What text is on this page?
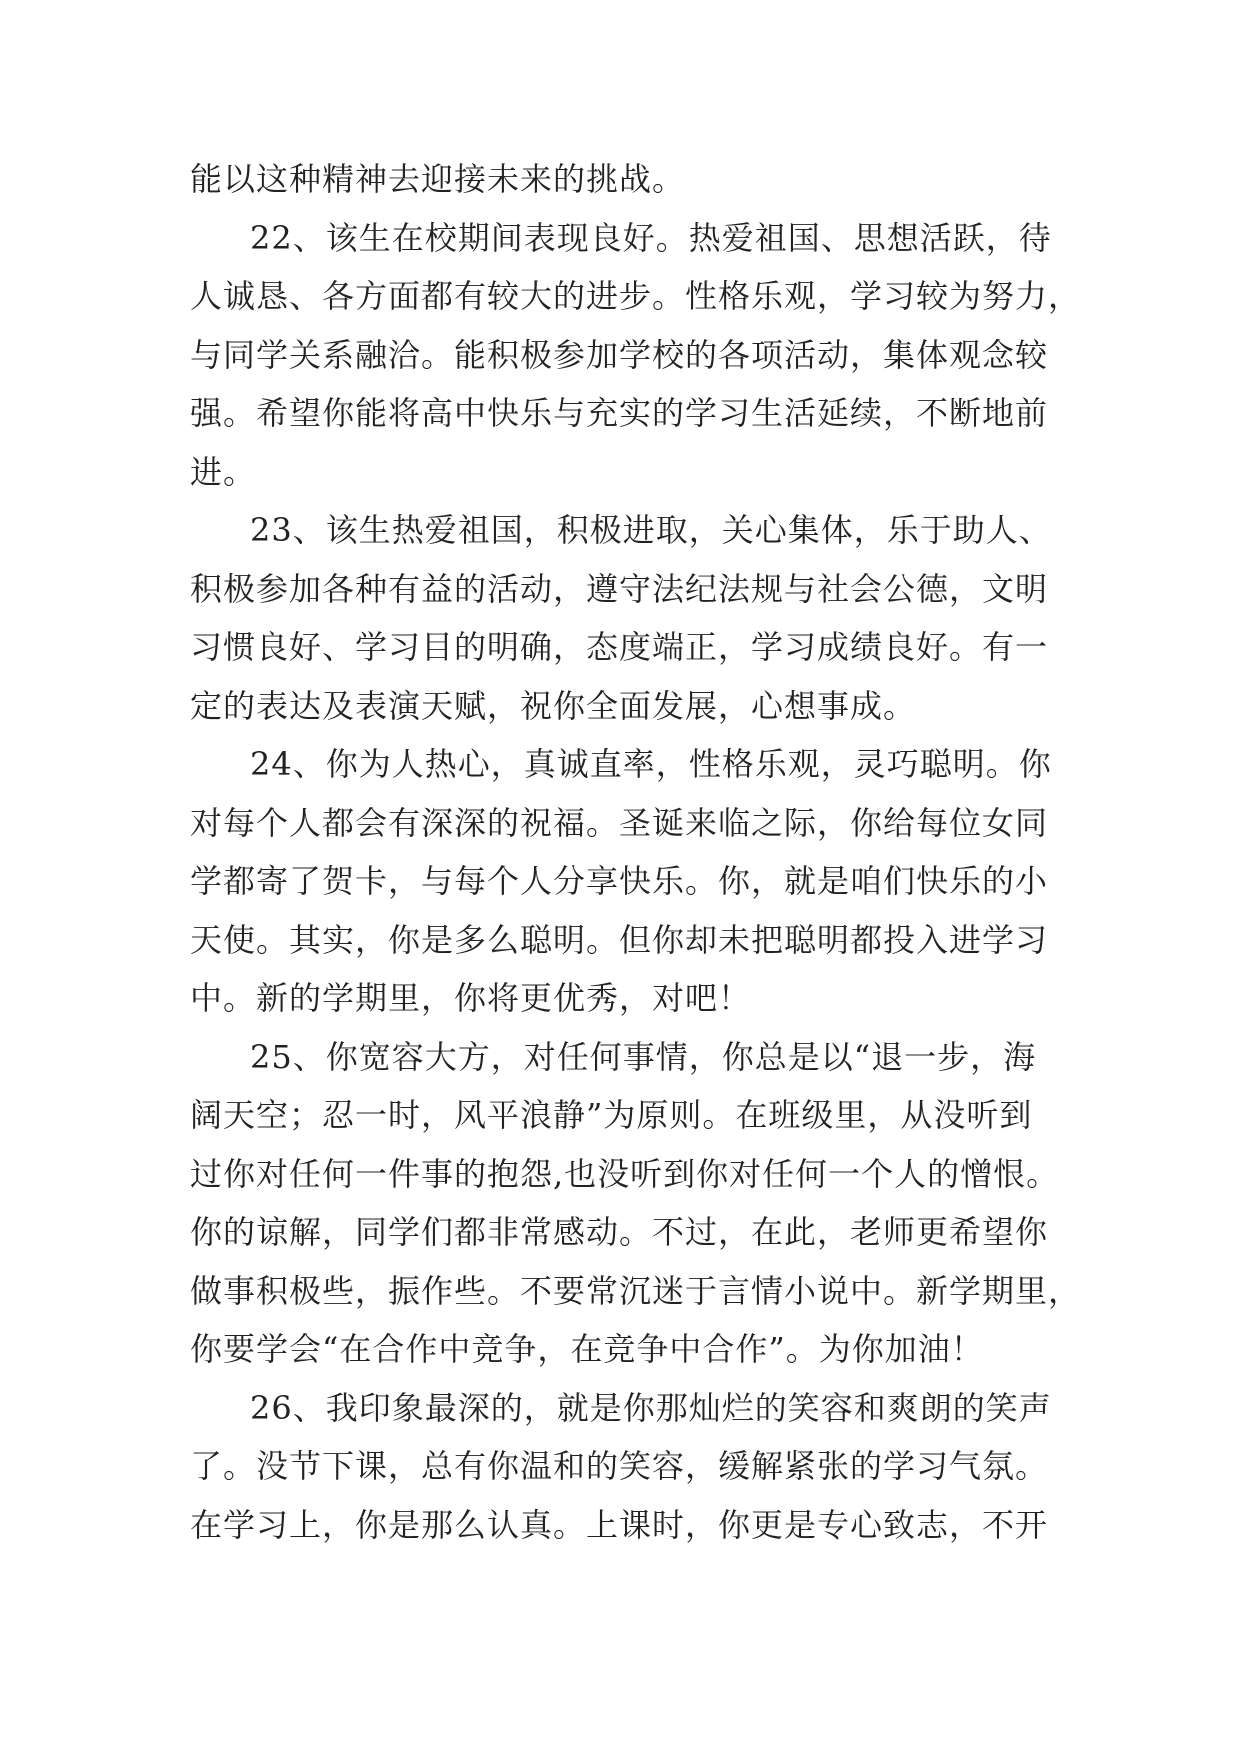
能以这种精神去迎接未来的挑战。
22、该生在校期间表现良好。热爱祖国、思想活跃，待
人诚恳、各方面都有较大的进步。性格乐观，学习较为努力，
与同学关系融洽。能积极参加学校的各项活动，集体观念较
强。希望你能将高中快乐与充实的学习生活延续，不断地前
进。
23、该生热爱祖国，积极进取，关心集体，乐于助人、
积极参加各种有益的活动，遵守法纪法规与社会公德，文明
习惯良好、学习目的明确，态度端正，学习成绩良好。有一
定的表达及表演天赋，祝你全面发展，心想事成。
24、你为人热心，真诚直率，性格乐观，灵巧聪明。你
对每个人都会有深深的祝福。圣诞来临之际，你给每位女同
学都寄了贺卡，与每个人分享快乐。你，就是咱们快乐的小
天使。其实，你是多么聪明。但你却未把聪明都投入进学习
中。新的学期里，你将更优秀，对吧！
25、你宽容大方，对任何事情，你总是以“退一步，海
阔天空；忍一时，风平浪静”为原则。在班级里，从没听到
过你对任何一件事的抱怨,也没听到你对任何一个人的憎恨。
你的谅解，同学们都非常感动。不过，在此，老师更希望你
做事积极些，振作些。不要常沉迷于言情小说中。新学期里，
你要学会“在合作中竞争，在竞争中合作”。为你加油！
26、我印象最深的，就是你那灿烂的笑容和爽朗的笑声
了。没节下课，总有你温和的笑容，缓解紧张的学习气氛。
在学习上，你是那么认真。上课时，你更是专心致志，不开
